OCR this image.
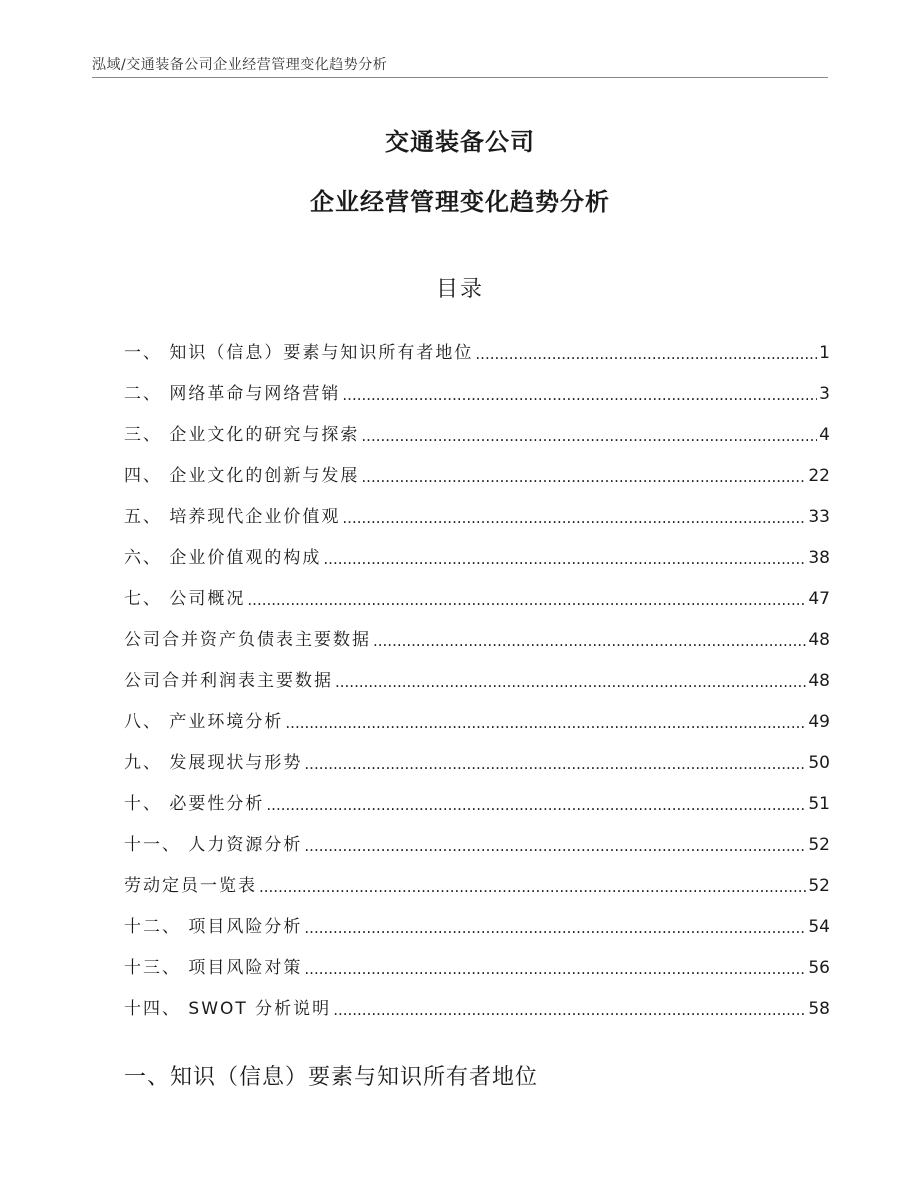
泓域/交通装备公司企业经营管理变化趋势分析
交通装备公司
企业经营管理变化趋势分析
目录
一、 知识（信息）要素与知识所有者地位 .....	1
二、 网络革命与网络营销 .....	3
三、 企业文化的研究与探索 .....	4
四、 企业文化的创新与发展 .....	22
五、 培养现代企业价值观 .....	33
六、 企业价值观的构成 .....	38
七、 公司概况 .....	47
公司合并资产负债表主要数据 .....	48
公司合并利润表主要数据 .....	48
八、 产业环境分析 .....	49
九、 发展现状与形势 .....	50
十、 必要性分析 .....	51
十一、 人力资源分析 .....	52
劳动定员一览表 .....	52
十二、 项目风险分析 .....	54
十三、 项目风险对策 .....	56
十四、 SWOT 分析说明 .....	58
一、知识（信息）要素与知识所有者地位
